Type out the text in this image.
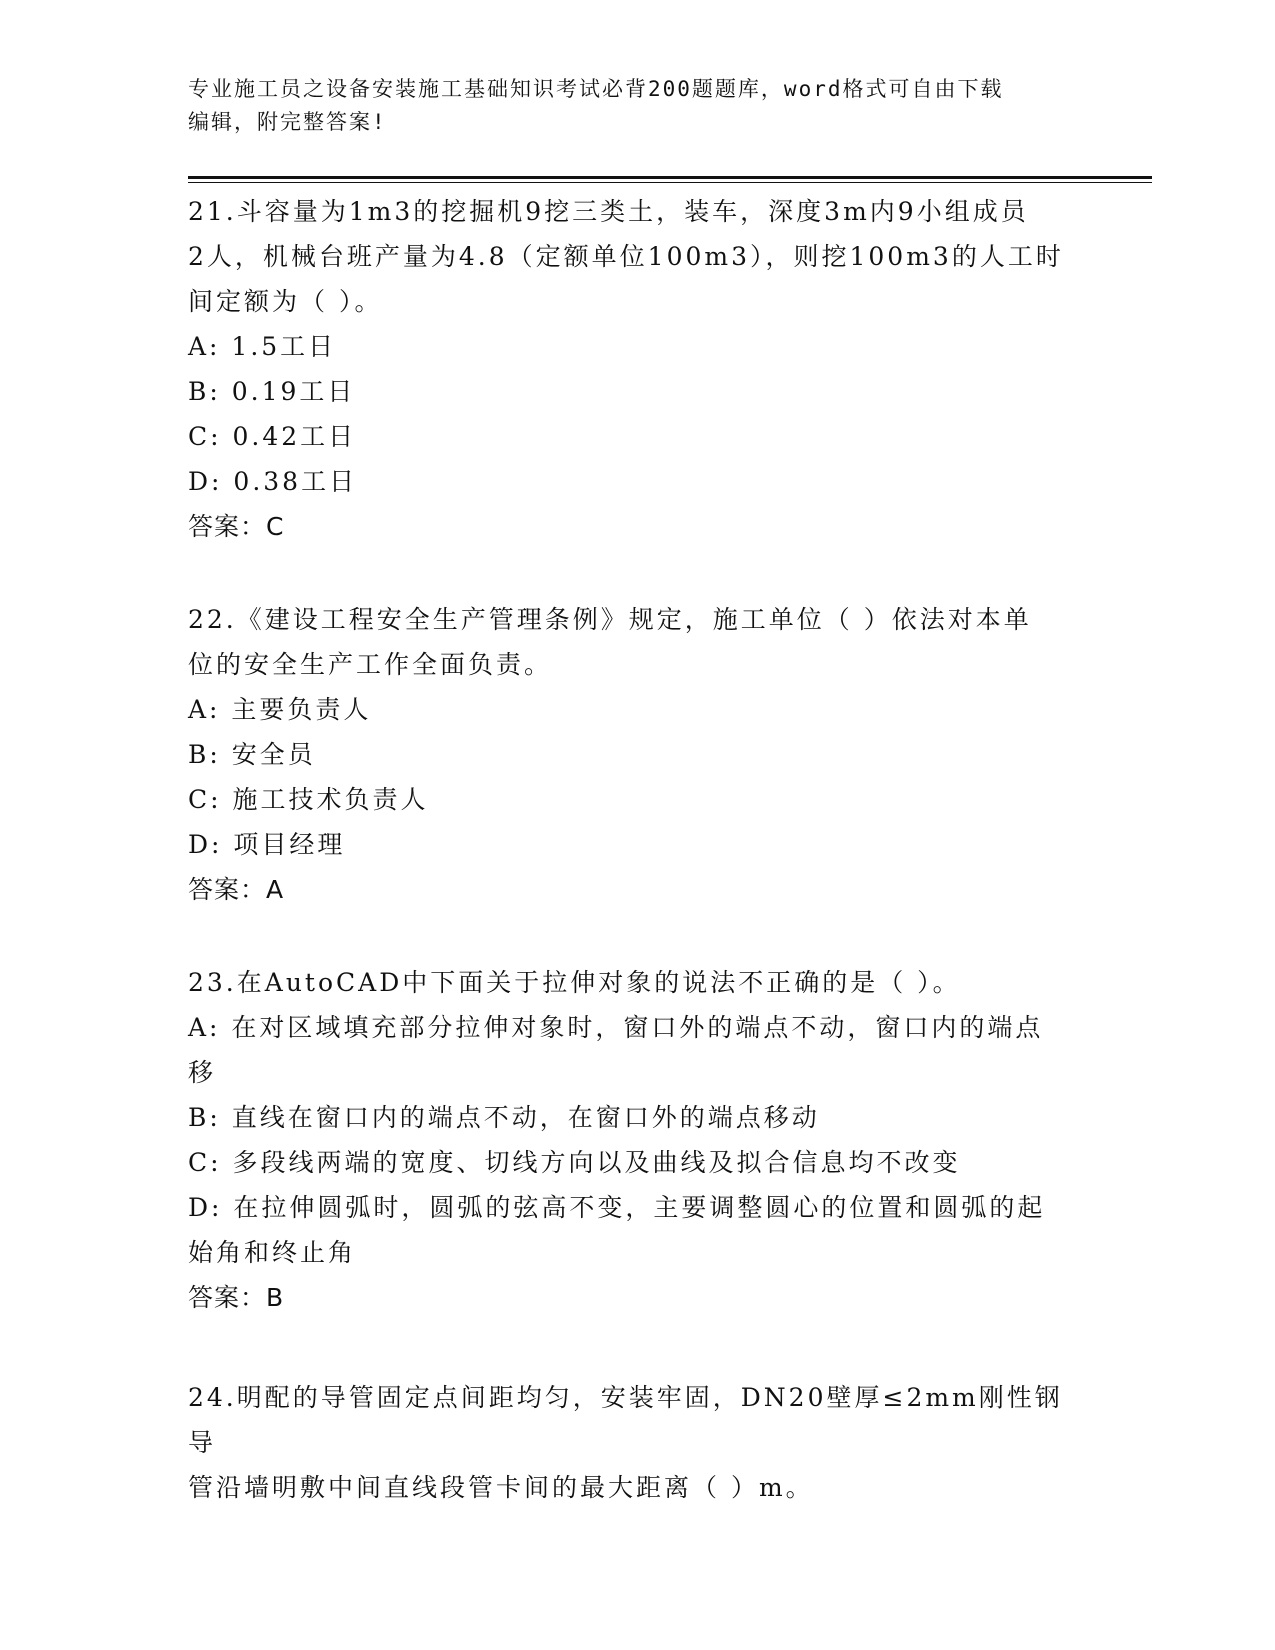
专业施工员之设备安装施工基础知识考试必背200题题库，word格式可自由下载
编辑，附完整答案!
21.斗容量为1m3的挖掘机9挖三类土，装车，深度3m内9小组成员
2人，机械台班产量为4.8（定额单位100m3），则挖100m3的人工时
间定额为（ ）。
A: 1.5工日
B: 0.19工日
C: 0.42工日
D: 0.38工日
答案：C
22.《建设工程安全生产管理条例》规定，施工单位（ ）依法对本单
位的安全生产工作全面负责。
A: 主要负责人
B: 安全员
C: 施工技术负责人
D: 项目经理
答案：A
23.在AutoCAD中下面关于拉伸对象的说法不正确的是（ ）。
A: 在对区域填充部分拉伸对象时，窗口外的端点不动，窗口内的端点
移
B: 直线在窗口内的端点不动，在窗口外的端点移动
C: 多段线两端的宽度、切线方向以及曲线及拟合信息均不改变
D: 在拉伸圆弧时，圆弧的弦高不变，主要调整圆心的位置和圆弧的起
始角和终止角
答案：B
24.明配的导管固定点间距均匀，安装牢固，DN20壁厚≤2mm刚性钢导
管沿墙明敷中间直线段管卡间的最大距离（ ）m。
